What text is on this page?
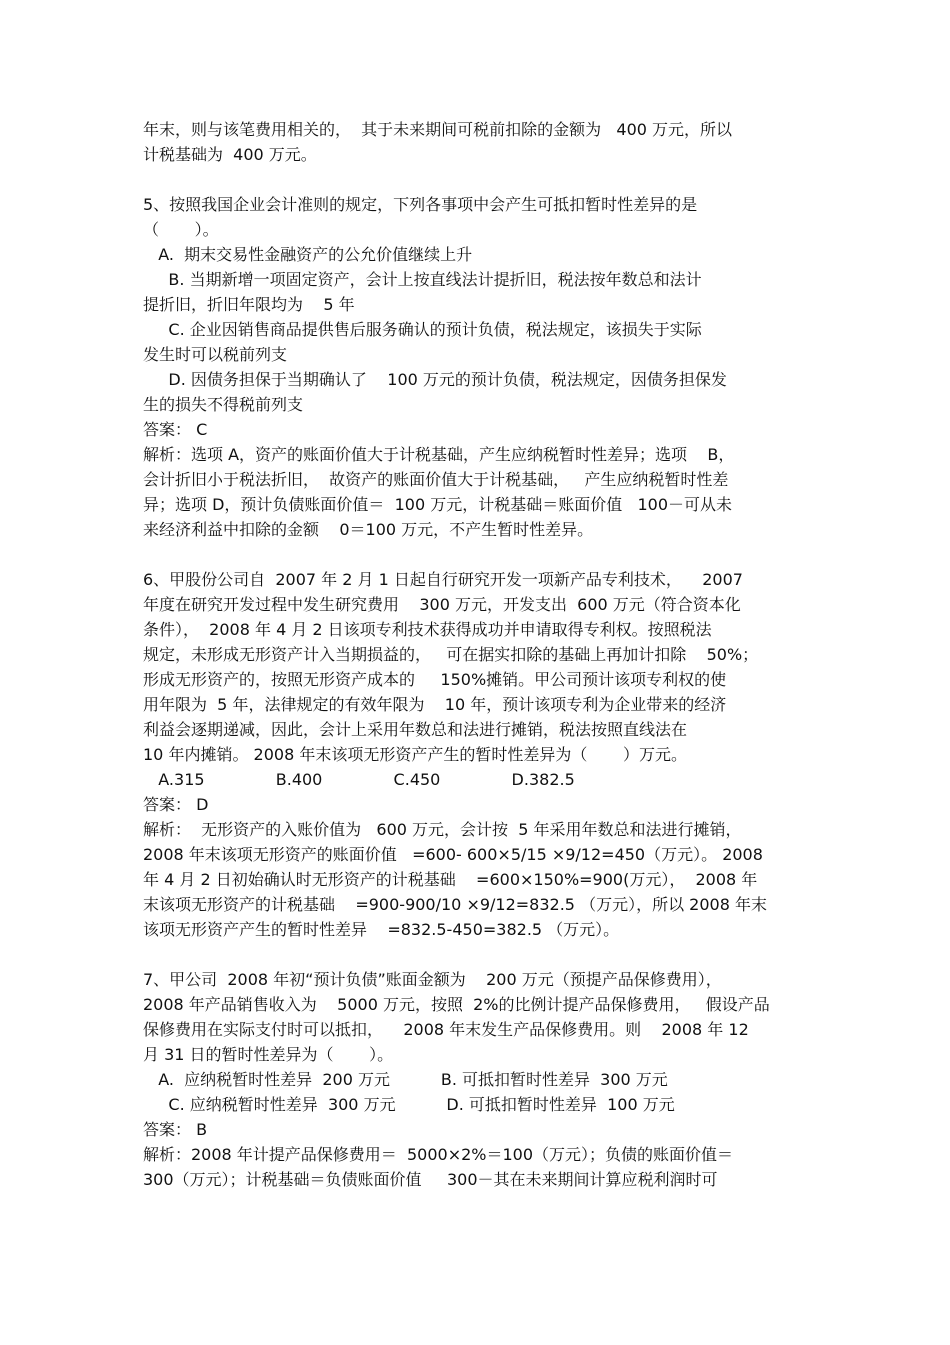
年末，则与该笔费用相关的，  其于未来期间可税前扣除的金额为   400 万元，所以
计税基础为  400 万元。
5、按照我国企业会计准则的规定，下列各事项中会产生可抵扣暂时性差异的是
（       ）。
A.  期末交易性金融资产的公允价值继续上升
B. 当期新增一项固定资产，会计上按直线法计提折旧，税法按年数总和法计
提折旧，折旧年限均为    5 年
C. 企业因销售商品提供售后服务确认的预计负债，税法规定，该损失于实际
发生时可以税前列支
D. 因债务担保于当期确认了    100 万元的预计负债，税法规定，因债务担保发
生的损失不得税前列支
答案： C
解析：选项 A，资产的账面价值大于计税基础，产生应纳税暂时性差异；选项    B，
会计折旧小于税法折旧，  故资产的账面价值大于计税基础，   产生应纳税暂时性差
异；选项 D，预计负债账面价值＝  100 万元，计税基础＝账面价值   100－可从未
来经济利益中扣除的金额    0＝100 万元，不产生暂时性差异。
6、甲股份公司自  2007 年 2 月 1 日起自行研究开发一项新产品专利技术，    2007
年度在研究开发过程中发生研究费用    300 万元，开发支出  600 万元（符合资本化
条件），  2008 年 4 月 2 日该项专利技术获得成功并申请取得专利权。按照税法
规定，未形成无形资产计入当期损益的，   可在据实扣除的基础上再加计扣除    50%；
形成无形资产的，按照无形资产成本的     150%摊销。甲公司预计该项专利权的使
用年限为  5 年，法律规定的有效年限为    10 年，预计该项专利为企业带来的经济
利益会逐期递减，因此，会计上采用年数总和法进行摊销，税法按照直线法在
10 年内摊销。 2008 年末该项无形资产产生的暂时性差异为（       ）万元。
A.315              B.400              C.450              D.382.5
答案： D
解析：  无形资产的入账价值为   600 万元，会计按  5 年采用年数总和法进行摊销，
2008 年末该项无形资产的账面价值   =600- 600×5/15 ×9/12=450（万元）。 2008
年 4 月 2 日初始确认时无形资产的计税基础    =600×150%=900(万元），  2008 年
末该项无形资产的计税基础    =900-900/10 ×9/12=832.5 （万元），所以 2008 年末
该项无形资产产生的暂时性差异    =832.5-450=382.5 （万元）。
7、甲公司  2008 年初“预计负债”账面金额为    200 万元（预提产品保修费用），
2008 年产品销售收入为    5000 万元，按照  2%的比例计提产品保修费用，   假设产品
保修费用在实际支付时可以抵扣，    2008 年末发生产品保修费用。则    2008 年 12
月 31 日的暂时性差异为（       ）。
A.  应纳税暂时性差异  200 万元          B. 可抵扣暂时性差异  300 万元
C. 应纳税暂时性差异  300 万元          D. 可抵扣暂时性差异  100 万元
答案： B
解析：2008 年计提产品保修费用＝  5000×2%＝100（万元）；负债的账面价值＝
300（万元）；计税基础＝负债账面价值     300－其在未来期间计算应税利润时可
